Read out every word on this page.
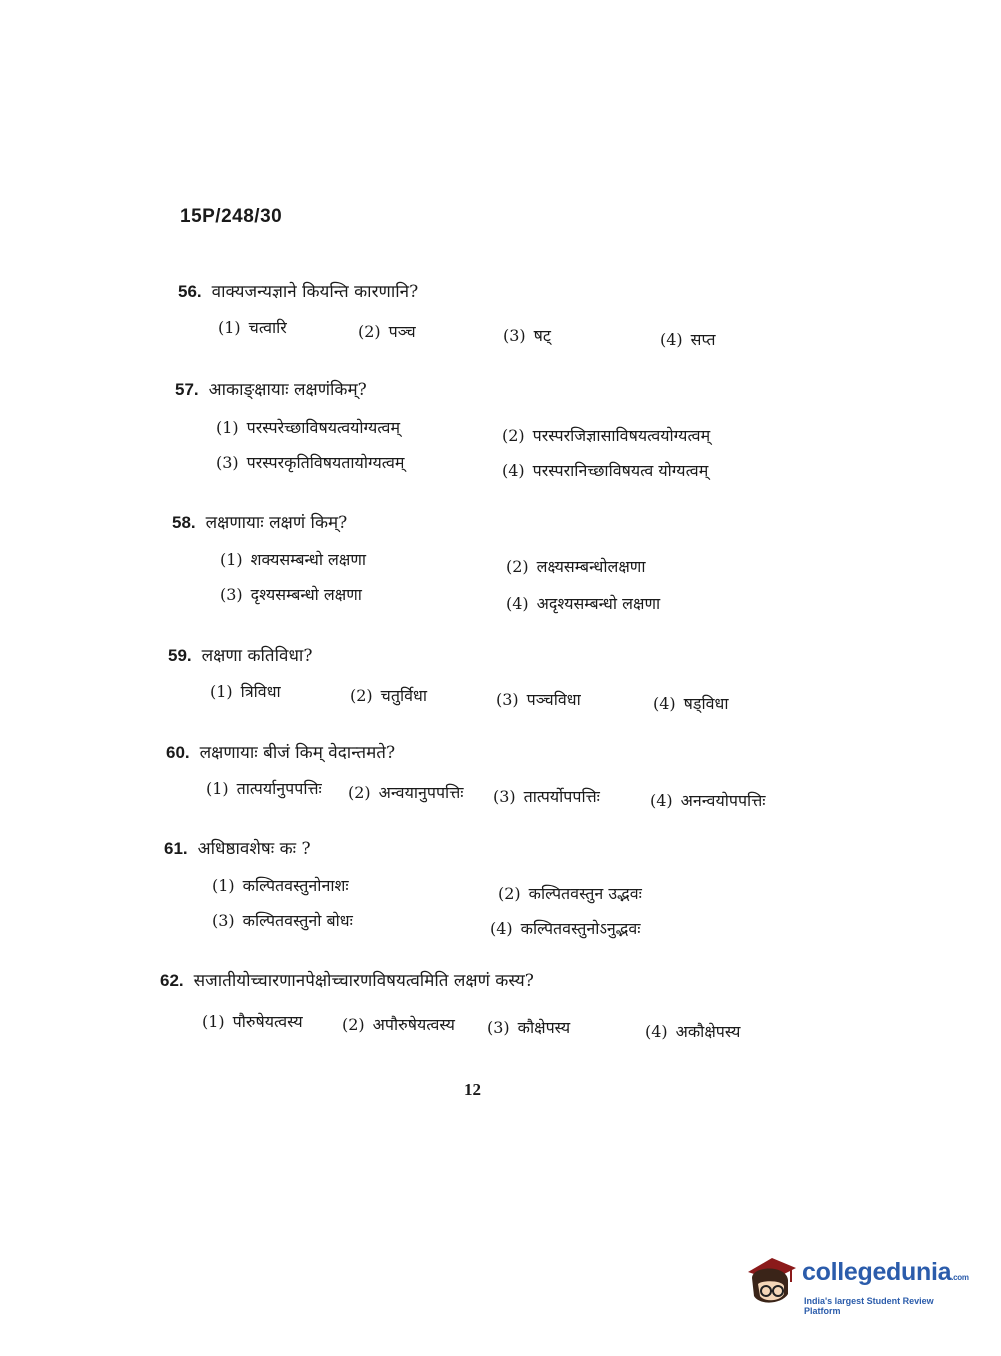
15P/248/30
56. वाक्यजन्यज्ञाने कियन्ति कारणानि?
(1) चत्वारि	(2) पञ्च	(3) षट्	(4) सप्त
57. आकाङ्क्षायाः लक्षणंकिम्?
(1) परस्परेच्छाविषयत्वयोग्यत्वम्	(2) परस्परजिज्ञासाविषयत्वयोग्यत्वम्
(3) परस्परकृतिविषयतायोग्यत्वम्	(4) परस्परानिच्छाविषयत्व योग्यत्वम्
58. लक्षणायाः लक्षणं किम्?
(1) शक्यसम्बन्धो लक्षणा	(2) लक्ष्यसम्बन्धोलक्षणा
(3) दृश्यसम्बन्धो लक्षणा	(4) अदृश्यसम्बन्धो लक्षणा
59. लक्षणा कतिविधा?
(1) त्रिविधा	(2) चतुर्विधा	(3) पञ्चविधा	(4) षड्विधा
60. लक्षणायाः बीजं किम् वेदान्तमते?
(1) तात्पर्यानुपपत्तिः (2) अन्वयानुपपत्तिः (3) तात्पर्योपपत्तिः	(4) अनन्वयोपपत्तिः
61. अधिष्ठावशेषः कः ?
(1) कल्पितवस्तुनोनाशः	(2) कल्पितवस्तुन उद्भवः
(3) कल्पितवस्तुनो बोधः	(4) कल्पितवस्तुनोऽनुद्भवः
62. सजातीयोच्चारणानपेक्षोच्चारणविषयत्वमिति लक्षणं कस्य?
(1) पौरुषेयत्वस्य (2) अपौरुषेयत्वस्य (3) कौक्षेपस्य	(4) अकौक्षेपस्य
12
collegedunia.com
India's largest Student Review Platform
